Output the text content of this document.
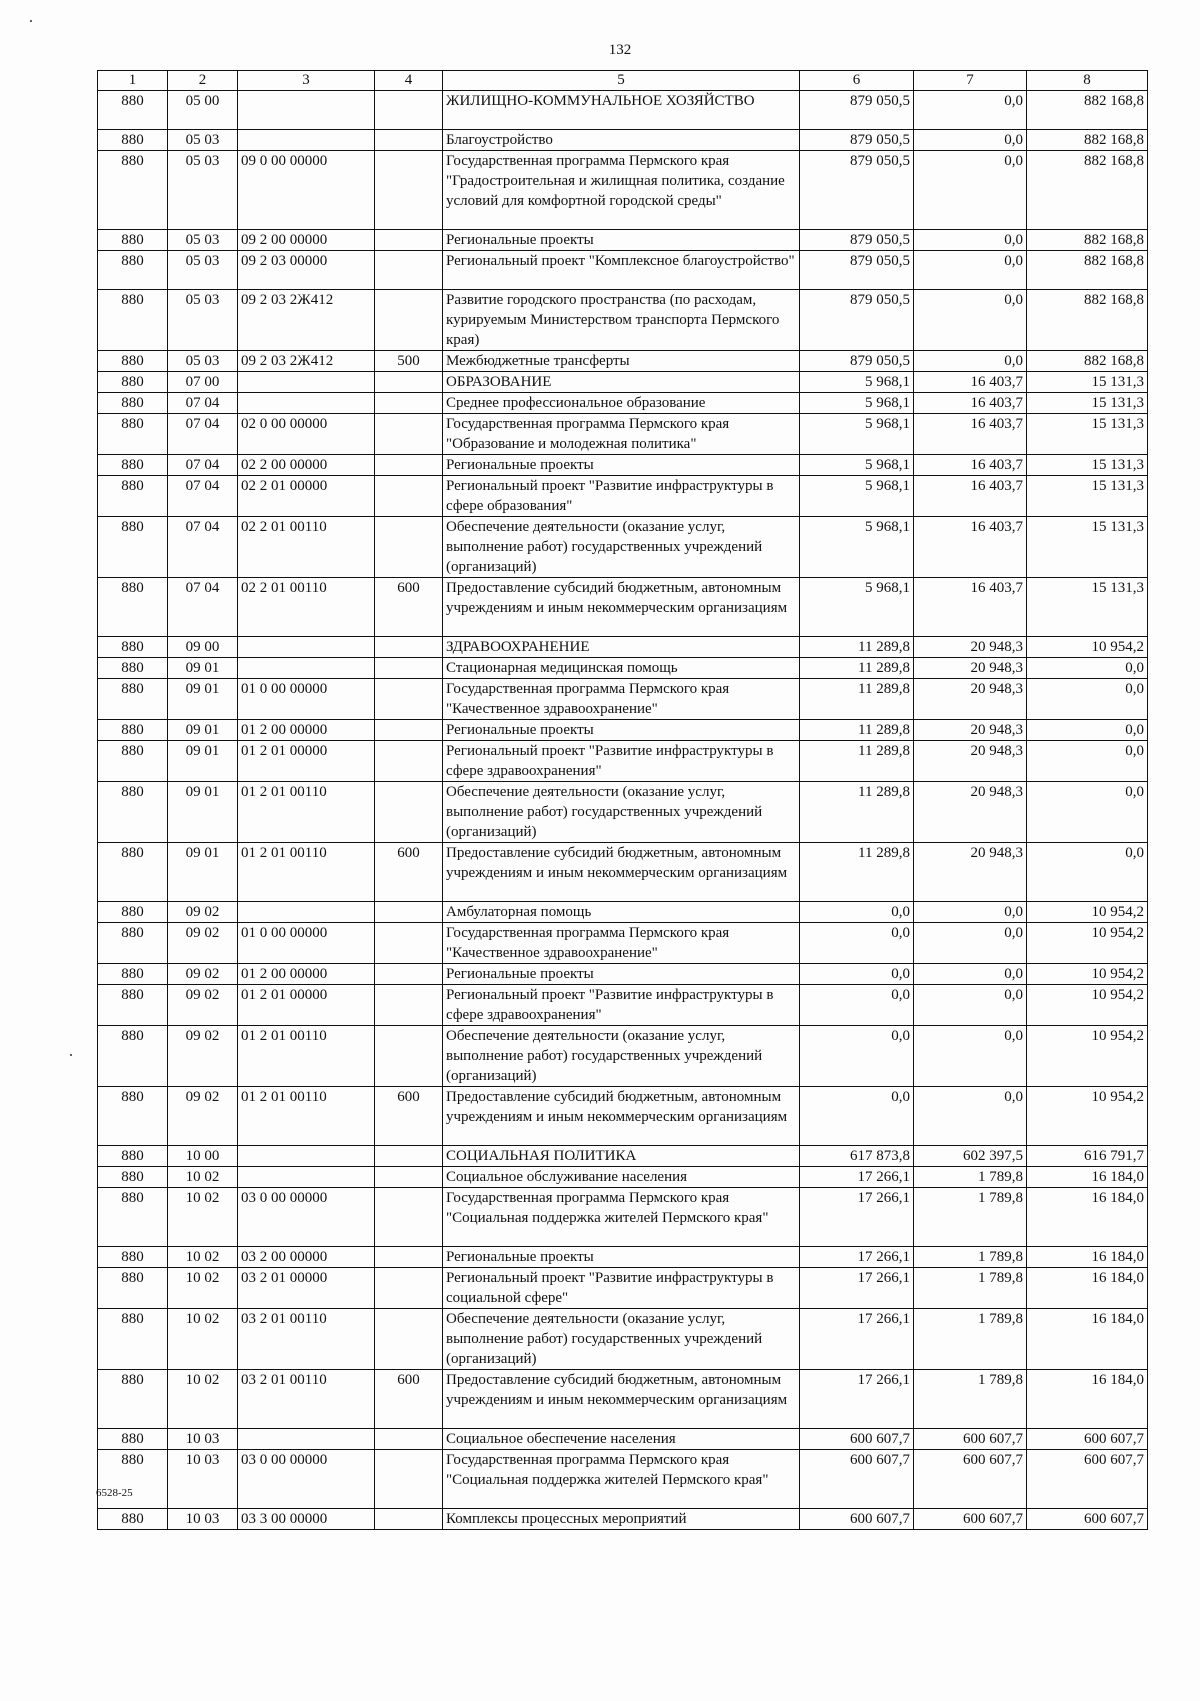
132
1	2	3	4	5	6	7	8
880	05 00			ЖИЛИЩНО-КОММУНАЛЬНОЕ ХОЗЯЙСТВО	879 050,5	0,0	882 168,8
880	05 03			Благоустройство	879 050,5	0,0	882 168,8
880	05 03	09 0 00 00000		Государственная программа Пермского края "Градостроительная и жилищная политика, создание условий для комфортной городской среды"	879 050,5	0,0	882 168,8
880	05 03	09 2 00 00000		Региональные проекты	879 050,5	0,0	882 168,8
880	05 03	09 2 03 00000		Региональный проект "Комплексное благоустройство"	879 050,5	0,0	882 168,8
880	05 03	09 2 03 2Ж412		Развитие городского пространства (по расходам, курируемым Министерством транспорта Пермского края)	879 050,5	0,0	882 168,8
880	05 03	09 2 03 2Ж412	500	Межбюджетные трансферты	879 050,5	0,0	882 168,8
880	07 00			ОБРАЗОВАНИЕ	5 968,1	16 403,7	15 131,3
880	07 04			Среднее профессиональное образование	5 968,1	16 403,7	15 131,3
880	07 04	02 0 00 00000		Государственная программа Пермского края "Образование и молодежная политика"	5 968,1	16 403,7	15 131,3
880	07 04	02 2 00 00000		Региональные проекты	5 968,1	16 403,7	15 131,3
880	07 04	02 2 01 00000		Региональный проект "Развитие инфраструктуры в сфере образования"	5 968,1	16 403,7	15 131,3
880	07 04	02 2 01 00110		Обеспечение деятельности (оказание услуг, выполнение работ) государственных учреждений (организаций)	5 968,1	16 403,7	15 131,3
880	07 04	02 2 01 00110	600	Предоставление субсидий бюджетным, автономным учреждениям и иным некоммерческим организациям	5 968,1	16 403,7	15 131,3
880	09 00			ЗДРАВООХРАНЕНИЕ	11 289,8	20 948,3	10 954,2
880	09 01			Стационарная медицинская помощь	11 289,8	20 948,3	0,0
880	09 01	01 0 00 00000		Государственная программа Пермского края "Качественное здравоохранение"	11 289,8	20 948,3	0,0
880	09 01	01 2 00 00000		Региональные проекты	11 289,8	20 948,3	0,0
880	09 01	01 2 01 00000		Региональный проект "Развитие инфраструктуры в сфере здравоохранения"	11 289,8	20 948,3	0,0
880	09 01	01 2 01 00110		Обеспечение деятельности (оказание услуг, выполнение работ) государственных учреждений (организаций)	11 289,8	20 948,3	0,0
880	09 01	01 2 01 00110	600	Предоставление субсидий бюджетным, автономным учреждениям и иным некоммерческим организациям	11 289,8	20 948,3	0,0
880	09 02			Амбулаторная помощь	0,0	0,0	10 954,2
880	09 02	01 0 00 00000		Государственная программа Пермского края "Качественное здравоохранение"	0,0	0,0	10 954,2
880	09 02	01 2 00 00000		Региональные проекты	0,0	0,0	10 954,2
880	09 02	01 2 01 00000		Региональный проект "Развитие инфраструктуры в сфере здравоохранения"	0,0	0,0	10 954,2
880	09 02	01 2 01 00110		Обеспечение деятельности (оказание услуг, выполнение работ) государственных учреждений (организаций)	0,0	0,0	10 954,2
880	09 02	01 2 01 00110	600	Предоставление субсидий бюджетным, автономным учреждениям и иным некоммерческим организациям	0,0	0,0	10 954,2
880	10 00			СОЦИАЛЬНАЯ ПОЛИТИКА	617 873,8	602 397,5	616 791,7
880	10 02			Социальное обслуживание населения	17 266,1	1 789,8	16 184,0
880	10 02	03 0 00 00000		Государственная программа Пермского края "Социальная поддержка жителей Пермского края"	17 266,1	1 789,8	16 184,0
880	10 02	03 2 00 00000		Региональные проекты	17 266,1	1 789,8	16 184,0
880	10 02	03 2 01 00000		Региональный проект "Развитие инфраструктуры в социальной сфере"	17 266,1	1 789,8	16 184,0
880	10 02	03 2 01 00110		Обеспечение деятельности (оказание услуг, выполнение работ) государственных учреждений (организаций)	17 266,1	1 789,8	16 184,0
880	10 02	03 2 01 00110	600	Предоставление субсидий бюджетным, автономным учреждениям и иным некоммерческим организациям	17 266,1	1 789,8	16 184,0
880	10 03			Социальное обеспечение населения	600 607,7	600 607,7	600 607,7
880	10 03	03 0 00 00000		Государственная программа Пермского края "Социальная поддержка жителей Пермского края"	600 607,7	600 607,7	600 607,7
880	10 03	03 3 00 00000		Комплексы процессных мероприятий	600 607,7	600 607,7	600 607,7
6528-25
